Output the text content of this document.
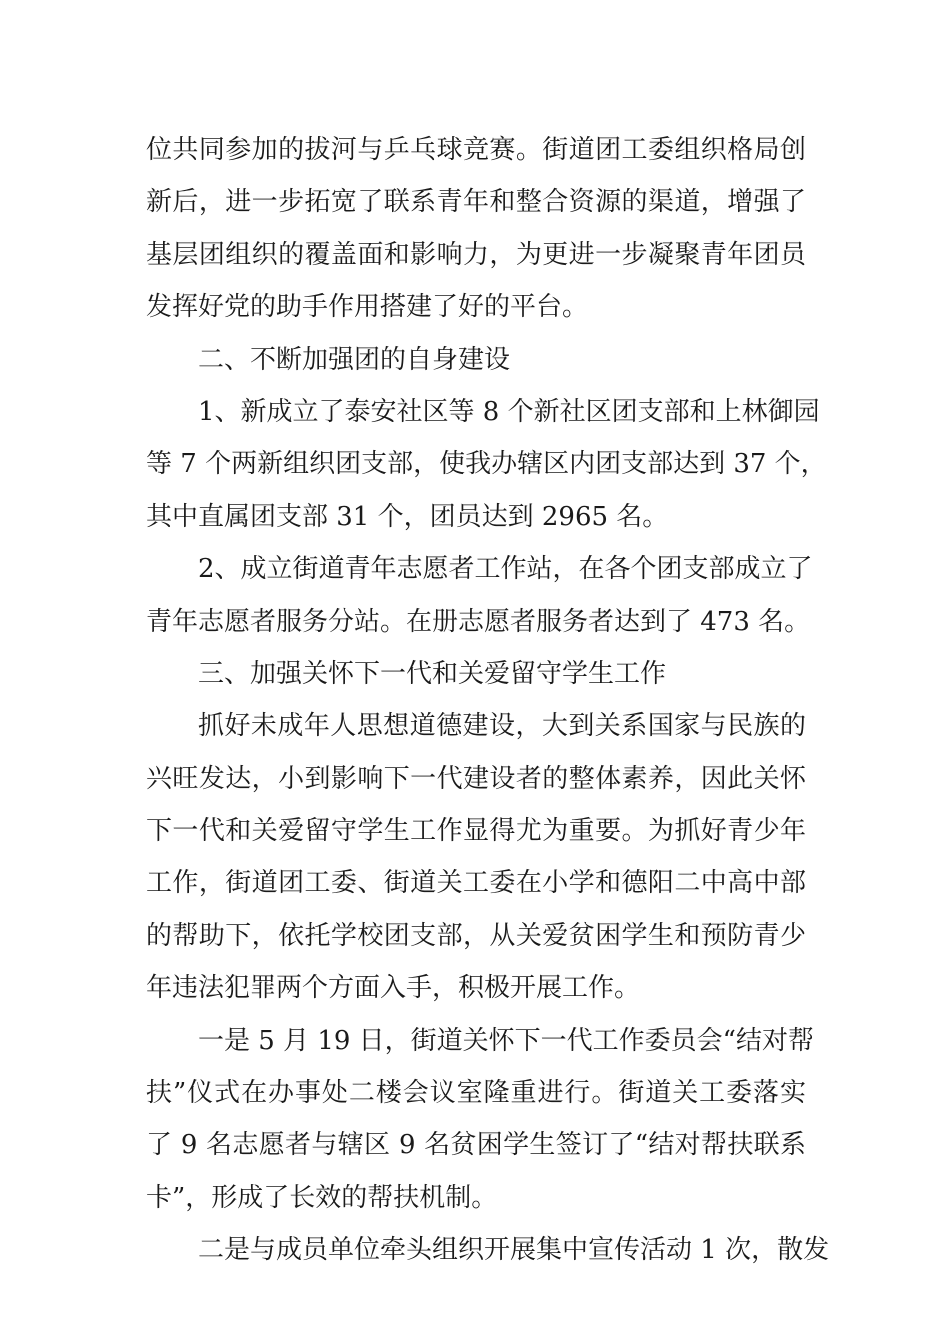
位共同参加的拔河与乒乓球竞赛。街道团工委组织格局创
新后，进一步拓宽了联系青年和整合资源的渠道，增强了
基层团组织的覆盖面和影响力，为更进一步凝聚青年团员
发挥好党的助手作用搭建了好的平台。
二、不断加强团的自身建设
1、新成立了泰安社区等 8 个新社区团支部和上林御园
等 7 个两新组织团支部，使我办辖区内团支部达到 37 个，
其中直属团支部 31 个，团员达到 2965 名。
2、成立街道青年志愿者工作站，在各个团支部成立了
青年志愿者服务分站。在册志愿者服务者达到了 473 名。
三、加强关怀下一代和关爱留守学生工作
抓好未成年人思想道德建设，大到关系国家与民族的
兴旺发达，小到影响下一代建设者的整体素养，因此关怀
下一代和关爱留守学生工作显得尤为重要。为抓好青少年
工作，街道团工委、街道关工委在小学和德阳二中高中部
的帮助下，依托学校团支部，从关爱贫困学生和预防青少
年违法犯罪两个方面入手，积极开展工作。
一是 5 月 19 日，街道关怀下一代工作委员会“结对帮
扶”仪式在办事处二楼会议室隆重进行。街道关工委落实
了 9 名志愿者与辖区 9 名贫困学生签订了“结对帮扶联系
卡”，形成了长效的帮扶机制。
二是与成员单位牵头组织开展集中宣传活动 1 次，散发
